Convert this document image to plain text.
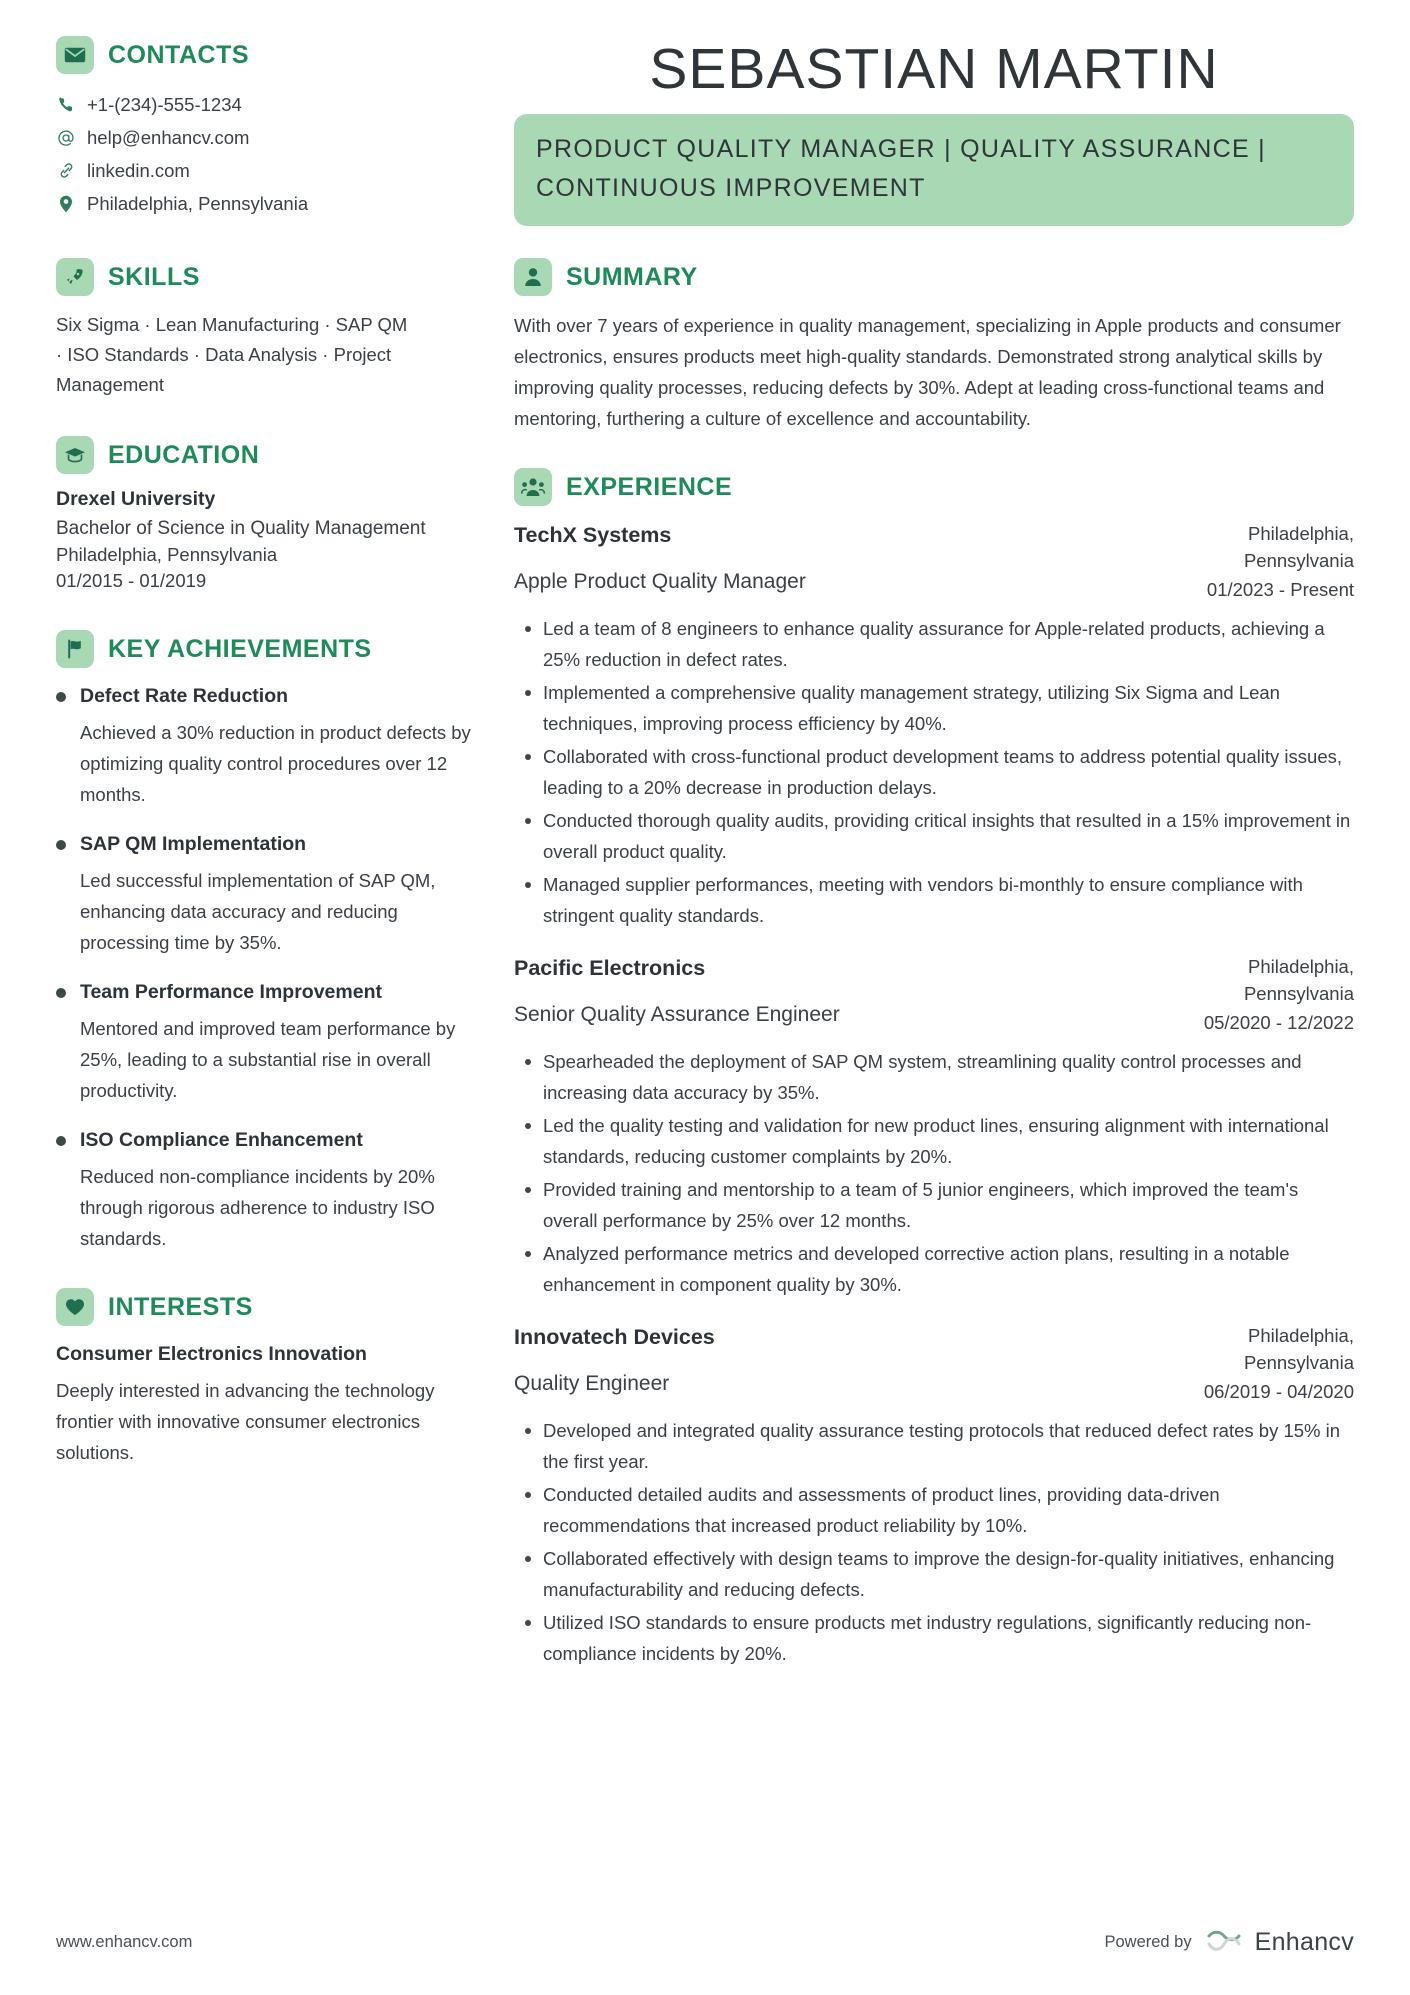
CONTACTS
+1-(234)-555-1234
help@enhancv.com
linkedin.com
Philadelphia, Pennsylvania
SKILLS
Six Sigma · Lean Manufacturing · SAP QM · ISO Standards · Data Analysis · Project Management
EDUCATION
Drexel University
Bachelor of Science in Quality Management
Philadelphia, Pennsylvania
01/2015 - 01/2019
KEY ACHIEVEMENTS
Defect Rate Reduction
Achieved a 30% reduction in product defects by optimizing quality control procedures over 12 months.
SAP QM Implementation
Led successful implementation of SAP QM, enhancing data accuracy and reducing processing time by 35%.
Team Performance Improvement
Mentored and improved team performance by 25%, leading to a substantial rise in overall productivity.
ISO Compliance Enhancement
Reduced non-compliance incidents by 20% through rigorous adherence to industry ISO standards.
INTERESTS
Consumer Electronics Innovation
Deeply interested in advancing the technology frontier with innovative consumer electronics solutions.
SEBASTIAN MARTIN
PRODUCT QUALITY MANAGER | QUALITY ASSURANCE | CONTINUOUS IMPROVEMENT
SUMMARY
With over 7 years of experience in quality management, specializing in Apple products and consumer electronics, ensures products meet high-quality standards. Demonstrated strong analytical skills by improving quality processes, reducing defects by 30%. Adept at leading cross-functional teams and mentoring, furthering a culture of excellence and accountability.
EXPERIENCE
TechX Systems
Apple Product Quality Manager
Philadelphia, Pennsylvania
01/2023 - Present
Led a team of 8 engineers to enhance quality assurance for Apple-related products, achieving a 25% reduction in defect rates.
Implemented a comprehensive quality management strategy, utilizing Six Sigma and Lean techniques, improving process efficiency by 40%.
Collaborated with cross-functional product development teams to address potential quality issues, leading to a 20% decrease in production delays.
Conducted thorough quality audits, providing critical insights that resulted in a 15% improvement in overall product quality.
Managed supplier performances, meeting with vendors bi-monthly to ensure compliance with stringent quality standards.
Pacific Electronics
Senior Quality Assurance Engineer
Philadelphia, Pennsylvania
05/2020 - 12/2022
Spearheaded the deployment of SAP QM system, streamlining quality control processes and increasing data accuracy by 35%.
Led the quality testing and validation for new product lines, ensuring alignment with international standards, reducing customer complaints by 20%.
Provided training and mentorship to a team of 5 junior engineers, which improved the team's overall performance by 25% over 12 months.
Analyzed performance metrics and developed corrective action plans, resulting in a notable enhancement in component quality by 30%.
Innovatech Devices
Quality Engineer
Philadelphia, Pennsylvania
06/2019 - 04/2020
Developed and integrated quality assurance testing protocols that reduced defect rates by 15% in the first year.
Conducted detailed audits and assessments of product lines, providing data-driven recommendations that increased product reliability by 10%.
Collaborated effectively with design teams to improve the design-for-quality initiatives, enhancing manufacturability and reducing defects.
Utilized ISO standards to ensure products met industry regulations, significantly reducing non-compliance incidents by 20%.
www.enhancv.com	Powered by	Enhancv
